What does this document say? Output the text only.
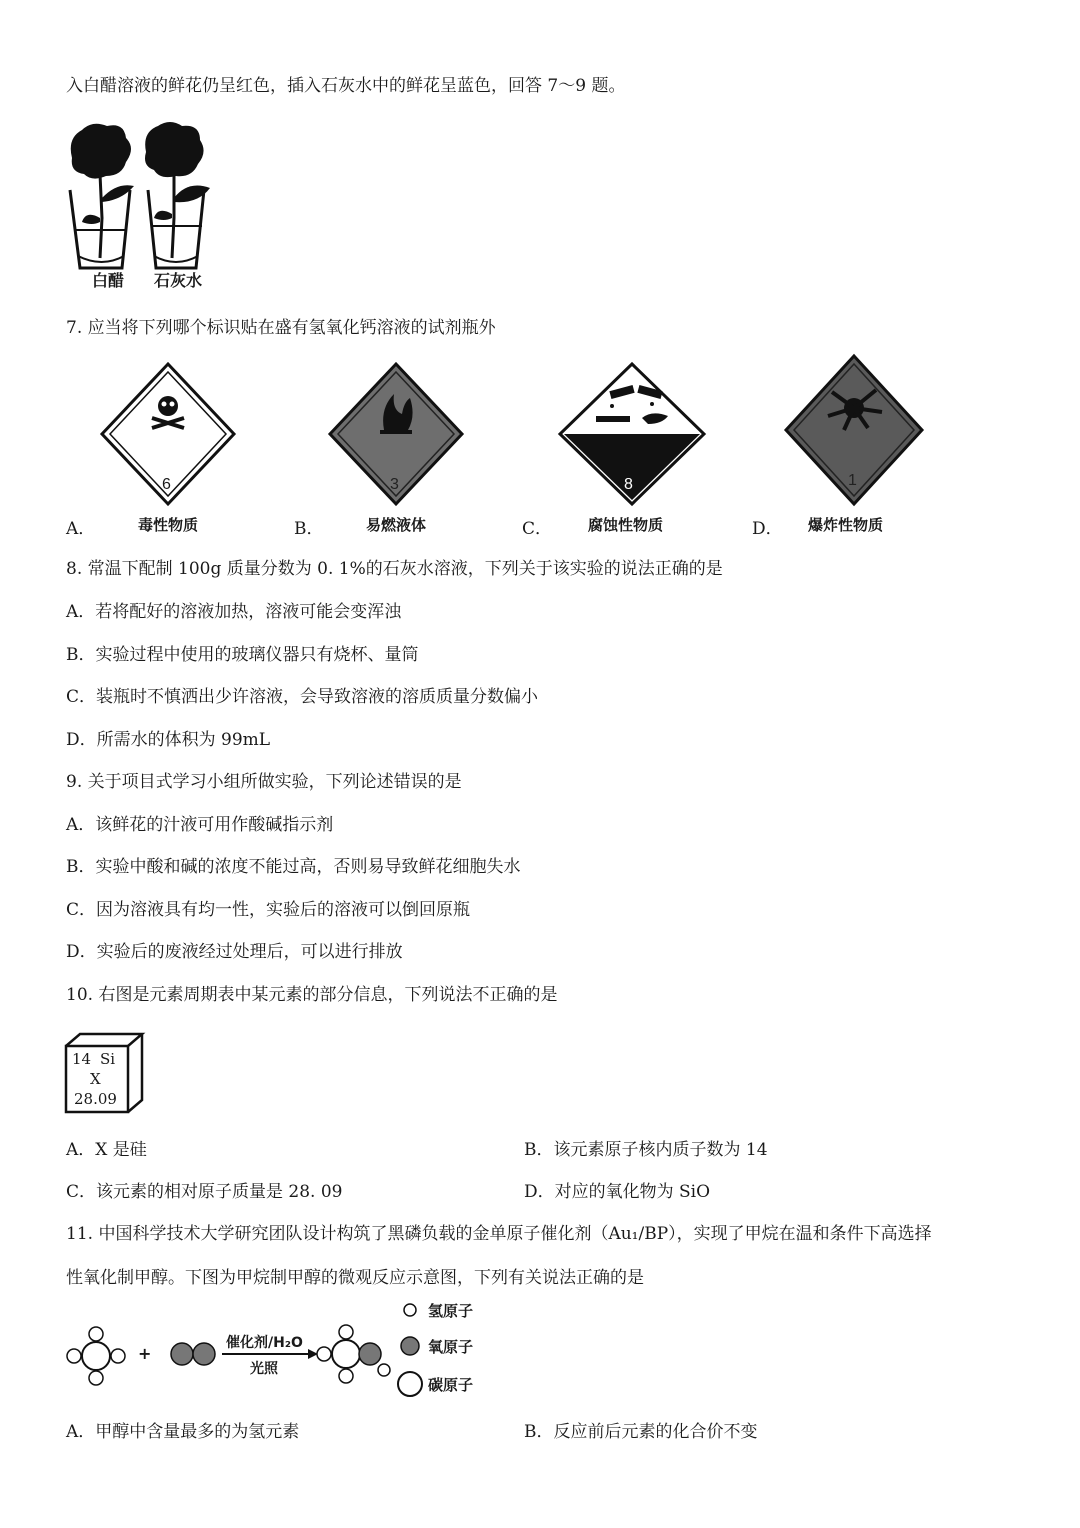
入白醋溶液的鲜花仍呈红色，插入石灰水中的鲜花呈蓝色，回答 7～9 题。
白醋 石灰水
7. 应当将下列哪个标识贴在盛有氢氧化钙溶液的试剂瓶外
A．
6
毒性物质	B．
3
易燃液体	C．
8
腐蚀性物质	D．
1
爆炸性物质
8. 常温下配制 100g 质量分数为 0. 1%的石灰水溶液，下列关于该实验的说法正确的是
A．若将配好的溶液加热，溶液可能会变浑浊
B．实验过程中使用的玻璃仪器只有烧杯、量筒
C．装瓶时不慎洒出少许溶液，会导致溶液的溶质质量分数偏小
D．所需水的体积为 99mL
9. 关于项目式学习小组所做实验，下列论述错误的是
A．该鲜花的汁液可用作酸碱指示剂
B．实验中酸和碱的浓度不能过高，否则易导致鲜花细胞失水
C．因为溶液具有均一性，实验后的溶液可以倒回原瓶
D．实验后的废液经过处理后，可以进行排放
10. 右图是元素周期表中某元素的部分信息，下列说法不正确的是
14 Si
X
28.09
A．X 是硅	B．该元素原子核内质子数为 14
C．该元素的相对原子质量是 28. 09	D．对应的氧化物为 SiO
11. 中国科学技术大学研究团队设计构筑了黑磷负载的金单原子催化剂（Au₁/BP），实现了甲烷在温和条件下高选择
性氧化制甲醇。下图为甲烷制甲醇的微观反应示意图，下列有关说法正确的是
+
催化剂/H₂O
光照
氢原子
氧原子
碳原子
A．甲醇中含量最多的为氢元素	B．反应前后元素的化合价不变
